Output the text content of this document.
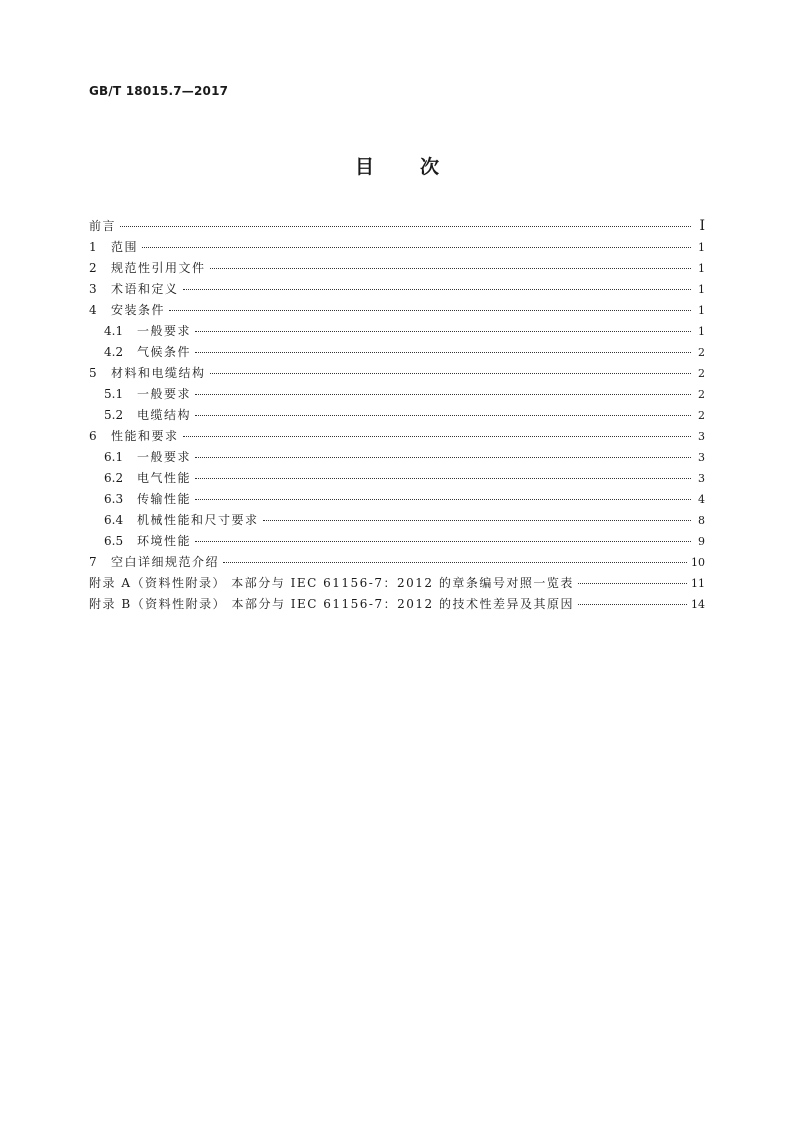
GB/T 18015.7—2017
目 次
前言	Ⅰ
1	范围	1
2	规范性引用文件	1
3	术语和定义	1
4	安装条件	1
4.1	一般要求	1
4.2	气候条件	2
5	材料和电缆结构	2
5.1	一般要求	2
5.2	电缆结构	2
6	性能和要求	3
6.1	一般要求	3
6.2	电气性能	3
6.3	传输性能	4
6.4	机械性能和尺寸要求	8
6.5	环境性能	9
7	空白详细规范介绍	10
附录 A（资料性附录） 本部分与 IEC 61156-7：2012 的章条编号对照一览表	11
附录 B（资料性附录） 本部分与 IEC 61156-7：2012 的技术性差异及其原因	14
